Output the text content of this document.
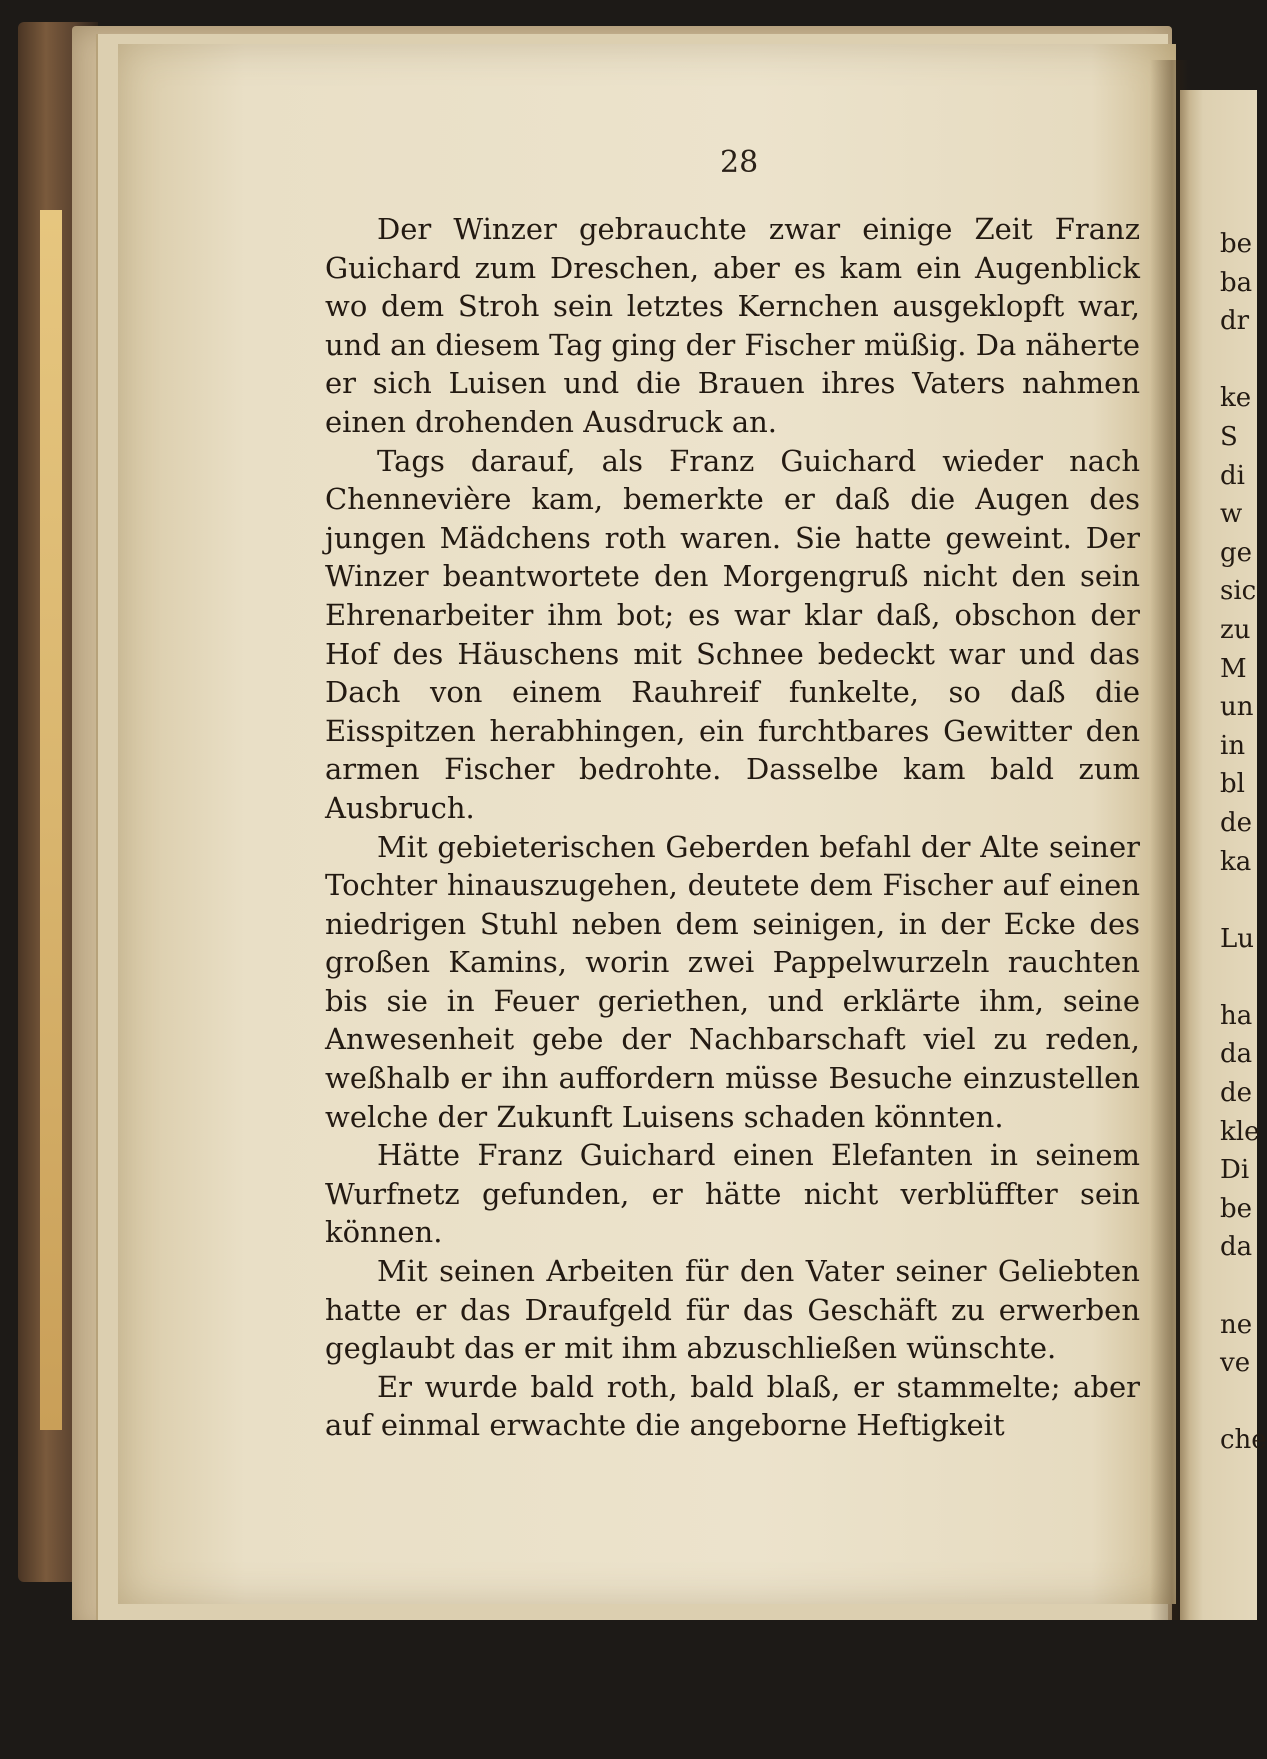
28

Der Winzer gebrauchte zwar einige Zeit Franz Guichard zum Dreschen, aber es kam ein Augenblick wo dem Stroh sein letztes Kernchen ausgeklopft war, und an diesem Tag ging der Fischer müßig. Da näherte er sich Luisen und die Brauen ihres Vaters nahmen einen drohenden Ausdruck an.

Tags darauf, als Franz Guichard wieder nach Chennevière kam, bemerkte er daß die Augen des jungen Mädchens roth waren. Sie hatte geweint. Der Winzer beantwortete den Morgengruß nicht den sein Ehrenarbeiter ihm bot; es war klar daß, obschon der Hof des Häuschens mit Schnee bedeckt war und das Dach von einem Rauhreif funkelte, so daß die Eisspitzen herabhingen, ein furchtbares Gewitter den armen Fischer bedrohte. Dasselbe kam bald zum Ausbruch.

Mit gebieterischen Geberden befahl der Alte seiner Tochter hinauszugehen, deutete dem Fischer auf einen niedrigen Stuhl neben dem seinigen, in der Ecke des großen Kamins, worin zwei Pappelwurzeln rauchten bis sie in Feuer geriethen, und erklärte ihm, seine Anwesenheit gebe der Nachbarschaft viel zu reden, weßhalb er ihn auffordern müsse Besuche einzustellen welche der Zukunft Luisens schaden könnten.

Hätte Franz Guichard einen Elefanten in seinem Wurfnetz gefunden, er hätte nicht verblüffter sein können.

Mit seinen Arbeiten für den Vater seiner Geliebten hatte er das Draufgeld für das Geschäft zu erwerben geglaubt das er mit ihm abzuschließen wünschte.

Er wurde bald roth, bald blaß, er stammelte; aber auf einmal erwachte die angeborne Heftigkeit

be
ba
dr
ke
S
di
w
ge
sic
zu
M
un
in
bl
de
ka
Lu
ha
da
de
kle
Di
be
da
ne
ve
che
